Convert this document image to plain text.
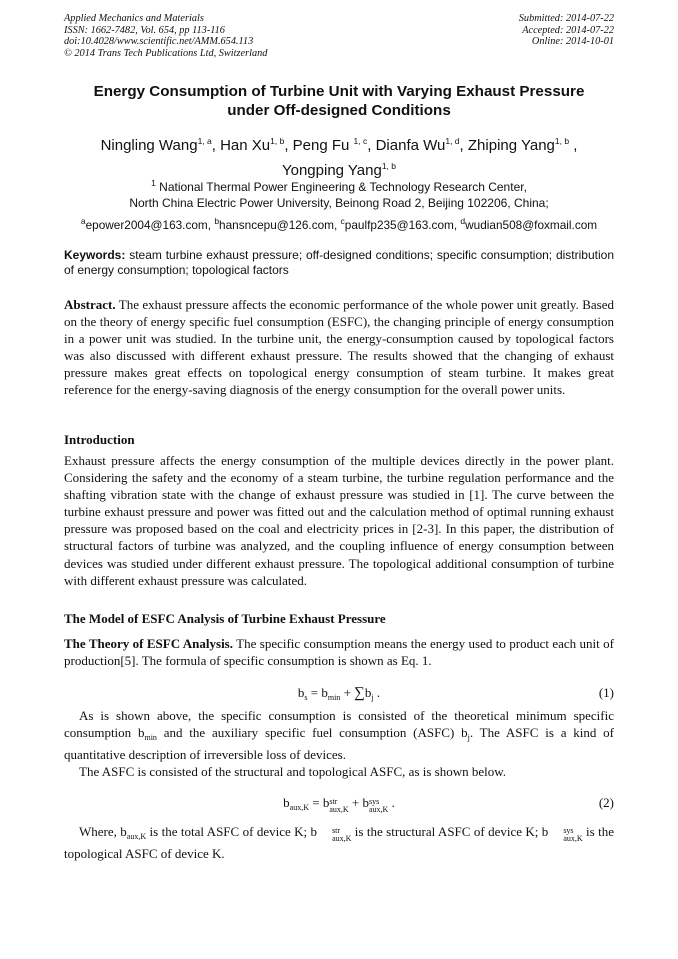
Applied Mechanics and Materials
ISSN: 1662-7482, Vol. 654, pp 113-116
doi:10.4028/www.scientific.net/AMM.654.113
© 2014 Trans Tech Publications Ltd, Switzerland
Submitted: 2014-07-22
Accepted: 2014-07-22
Online: 2014-10-01
Energy Consumption of Turbine Unit with Varying Exhaust Pressure
under Off-designed Conditions
Ningling Wang$^{1, a}$, Han Xu$^{1, b}$, Peng Fu $^{1, c}$, Dianfa Wu$^{1, d}$, Zhiping Yang$^{1, b}$ ,
Yongping Yang$^{1, b}$
$^1$ National Thermal Power Engineering & Technology Research Center,
North China Electric Power University, Beinong Road 2, Beijing 102206, China;
$^a$epower2004@163.com, $^b$hansncepu@126.com, $^c$paulfp235@163.com, $^d$wudian508@foxmail.com
Keywords: steam turbine exhaust pressure; off-designed conditions; specific consumption; distribution of energy consumption; topological factors
Abstract. The exhaust pressure affects the economic performance of the whole power unit greatly. Based on the theory of energy specific fuel consumption (ESFC), the changing principle of energy consumption in a power unit was studied. In the turbine unit, the energy-consumption caused by topological factors was also discussed with different exhaust pressure. The results showed that the changing of exhaust pressure makes great effects on topological energy consumption of steam turbine. It makes great reference for the energy-saving diagnosis of the energy consumption for the overall power units.
Introduction
Exhaust pressure affects the energy consumption of the multiple devices directly in the power plant. Considering the safety and the economy of a steam turbine, the turbine regulation performance and the shafting vibration state with the change of exhaust pressure was studied in [1]. The curve between the turbine exhaust pressure and power was fitted out and the calculation method of optimal running exhaust pressure was proposed based on the coal and electricity prices in [2-3]. In this paper, the distribution of structural factors of turbine was analyzed, and the coupling influence of energy consumption between devices was studied under different exhaust pressure. The topological additional consumption of turbine with different exhaust pressure was calculated.
The Model of ESFC Analysis of Turbine Exhaust Pressure
The Theory of ESFC Analysis. The specific consumption means the energy used to product each unit of production[5]. The formula of specific consumption is shown as Eq. 1.
$b_s = b_{min} + \sum b_j$ .	(1)
As is shown above, the specific consumption is consisted of the theoretical minimum specific consumption $b_{min}$ and the auxiliary specific fuel consumption (ASFC) $b_j$. The ASFC is a kind of quantitative description of irreversible loss of devices.
The ASFC is consisted of the structural and topological ASFC, as is shown below.
$b_{aux,K} = b$ str
aux,K + b sys
aux,K .	(2)
Where, $b_{aux,K}$ is the total ASFC of device K; b	str
aux,K is the structural ASFC of device K; b	sys
aux,K is the topological ASFC of device K.
